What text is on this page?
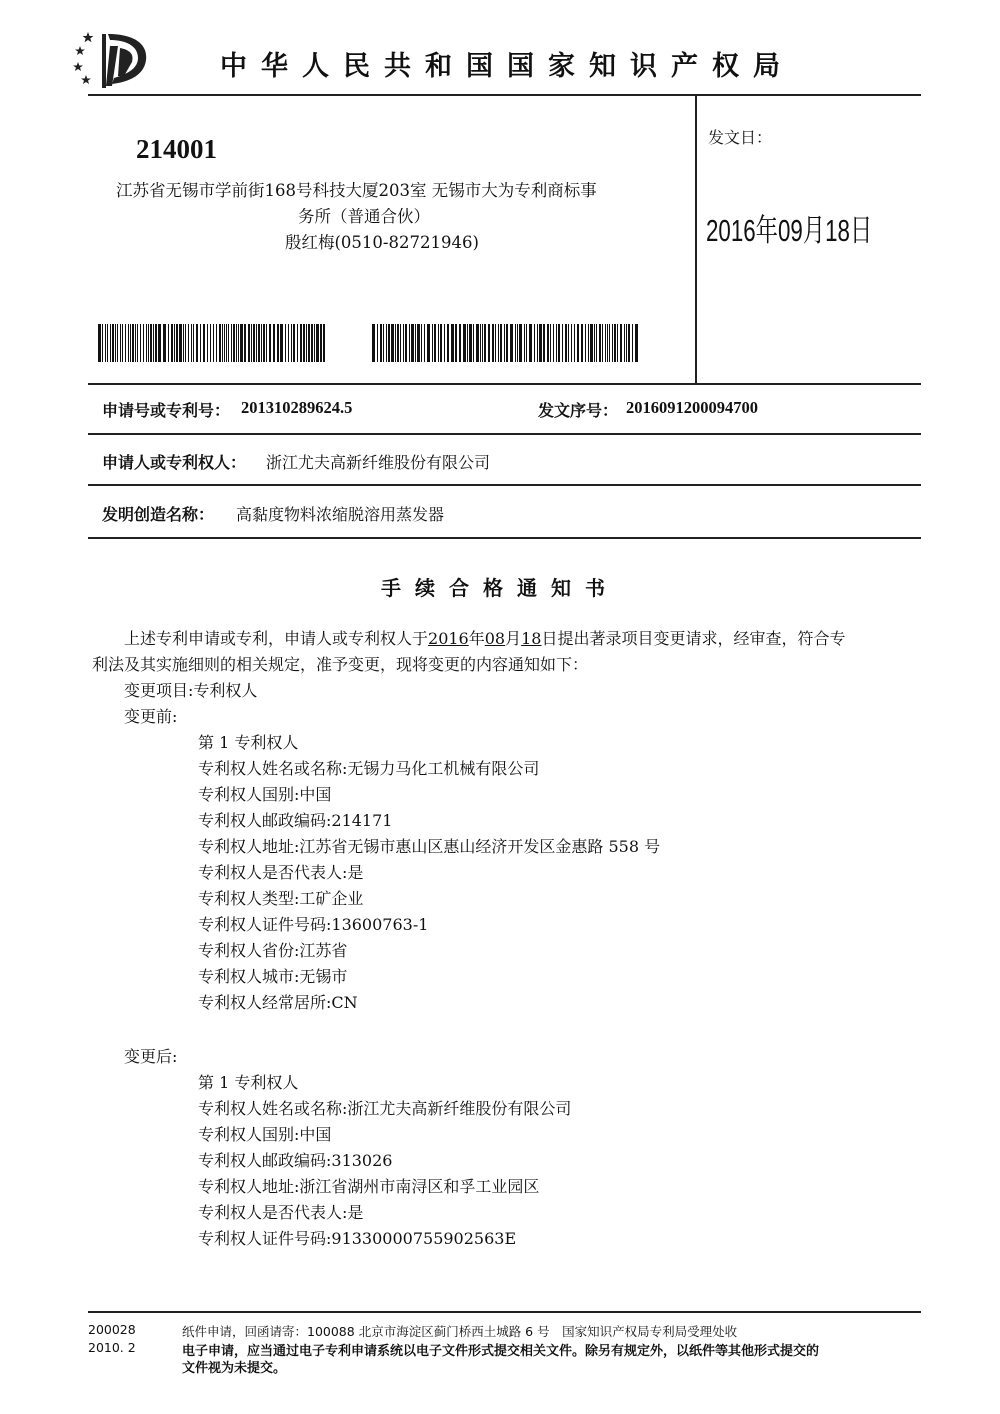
中华人民共和国国家知识产权局
214001
江苏省无锡市学前街168号科技大厦203室 无锡市大为专利商标事
务所（普通合伙）
殷红梅(0510-82721946)
发文日：
2016年09月18日
申请号或专利号： 201310289624.5	发文序号： 2016091200094700
申请人或专利权人： 浙江尤夫高新纤维股份有限公司
发明创造名称： 高黏度物料浓缩脱溶用蒸发器
手续合格通知书
上述专利申请或专利，申请人或专利权人于2016年08月18日提出著录项目变更请求，经审查，符合专
利法及其实施细则的相关规定，准予变更，现将变更的内容通知如下：
变更项目:专利权人
变更前:
第 1 专利权人
专利权人姓名或名称:无锡力马化工机械有限公司
专利权人国别:中国
专利权人邮政编码:214171
专利权人地址:江苏省无锡市惠山区惠山经济开发区金惠路 558 号
专利权人是否代表人:是
专利权人类型:工矿企业
专利权人证件号码:13600763-1
专利权人省份:江苏省
专利权人城市:无锡市
专利权人经常居所:CN
变更后:
第 1 专利权人
专利权人姓名或名称:浙江尤夫高新纤维股份有限公司
专利权人国别:中国
专利权人邮政编码:313026
专利权人地址:浙江省湖州市南浔区和孚工业园区
专利权人是否代表人:是
专利权人证件号码:91330000755902563E
200028
2010. 2
纸件申请，回函请寄：100088 北京市海淀区蓟门桥西土城路 6 号　国家知识产权局专利局受理处收
电子申请，应当通过电子专利申请系统以电子文件形式提交相关文件。除另有规定外，以纸件等其他形式提交的
文件视为未提交。
